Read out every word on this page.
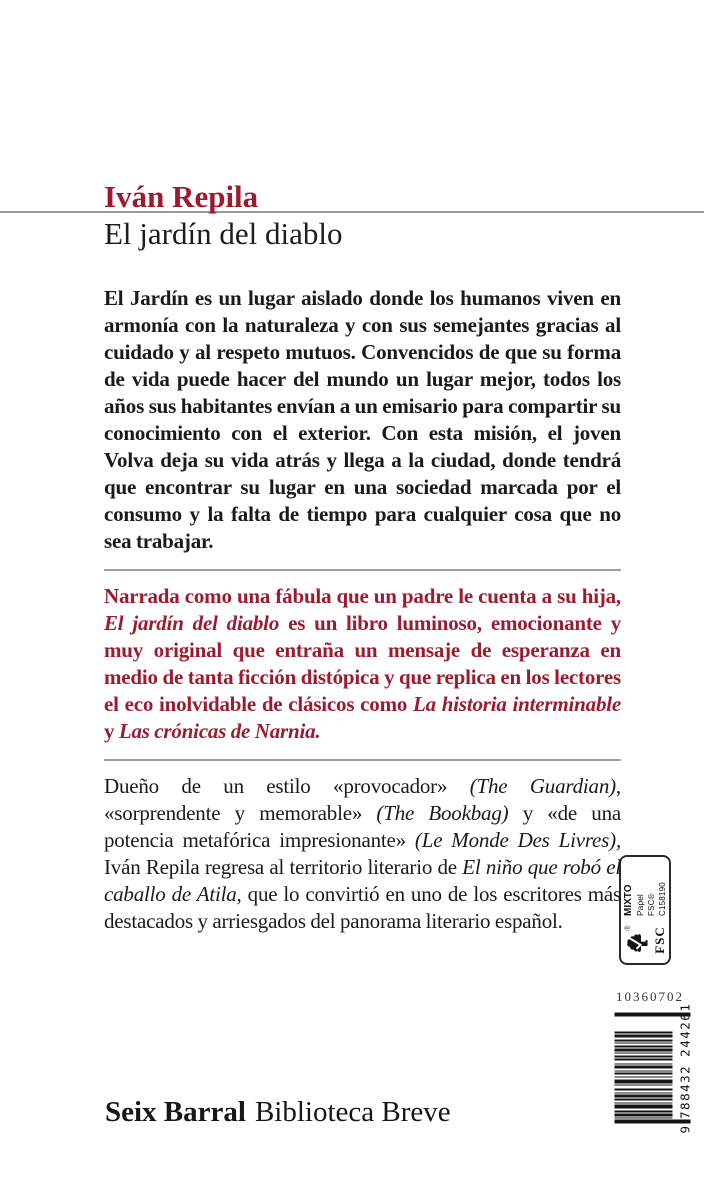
Iván Repila
El jardín del diablo

El Jardín es un lugar aislado donde los humanos viven en armonía con la naturaleza y con sus semejantes gracias al cuidado y al respeto mutuos. Convencidos de que su forma de vida puede hacer del mundo un lugar mejor, todos los años sus habitantes envían a un emisario para compartir su conocimiento con el exterior. Con esta misión, el joven Volva deja su vida atrás y llega a la ciudad, donde tendrá que encontrar su lugar en una sociedad marcada por el consumo y la falta de tiempo para cualquier cosa que no sea trabajar.

Narrada como una fábula que un padre le cuenta a su hija, El jardín del diablo es un libro luminoso, emocionante y muy original que entraña un mensaje de esperanza en medio de tanta ficción distópica y que replica en los lectores el eco inolvidable de clásicos como La historia interminable y Las crónicas de Narnia.

Dueño de un estilo «provocador» (The Guardian), «sorprendente y memorable» (The Bookbag) y «de una potencia metafórica impresionante» (Le Monde Des Livres), Iván Repila regresa al territorio literario de El niño que robó el caballo de Atila, que lo convirtió en uno de los escritores más destacados y arriesgados del panorama literario español.	® FSC
MIXTO Papel FSC® C158190
10360702
9
788432
244261
Seix Barral Biblioteca Breve
